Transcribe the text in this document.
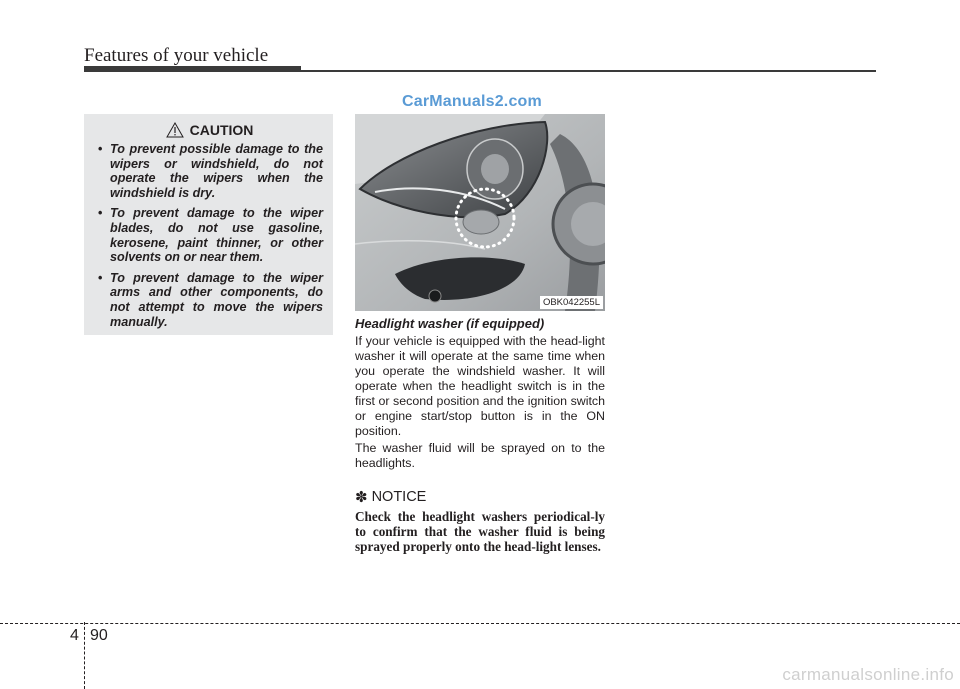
Features of your vehicle
CarManuals2.com
CAUTION
• To prevent possible damage to the wipers or windshield, do not operate the wipers when the windshield is dry.
• To prevent damage to the wiper blades, do not use gasoline, kerosene, paint thinner, or other solvents on or near them.
• To prevent damage to the wiper arms and other components, do not attempt to move the wipers manually.
OBK042255L
Headlight washer (if equipped)

If your vehicle is equipped with the head-light washer it will operate at the same time when you operate the windshield washer. It will operate when the headlight switch is in the first or second position and the ignition switch or engine start/stop button is in the ON position.

The washer fluid will be sprayed on to the headlights.

✽ NOTICE

Check the headlight washers periodical-ly to confirm that the washer fluid is being sprayed properly onto the head-light lenses.

4 90
carmanualsonline.info
